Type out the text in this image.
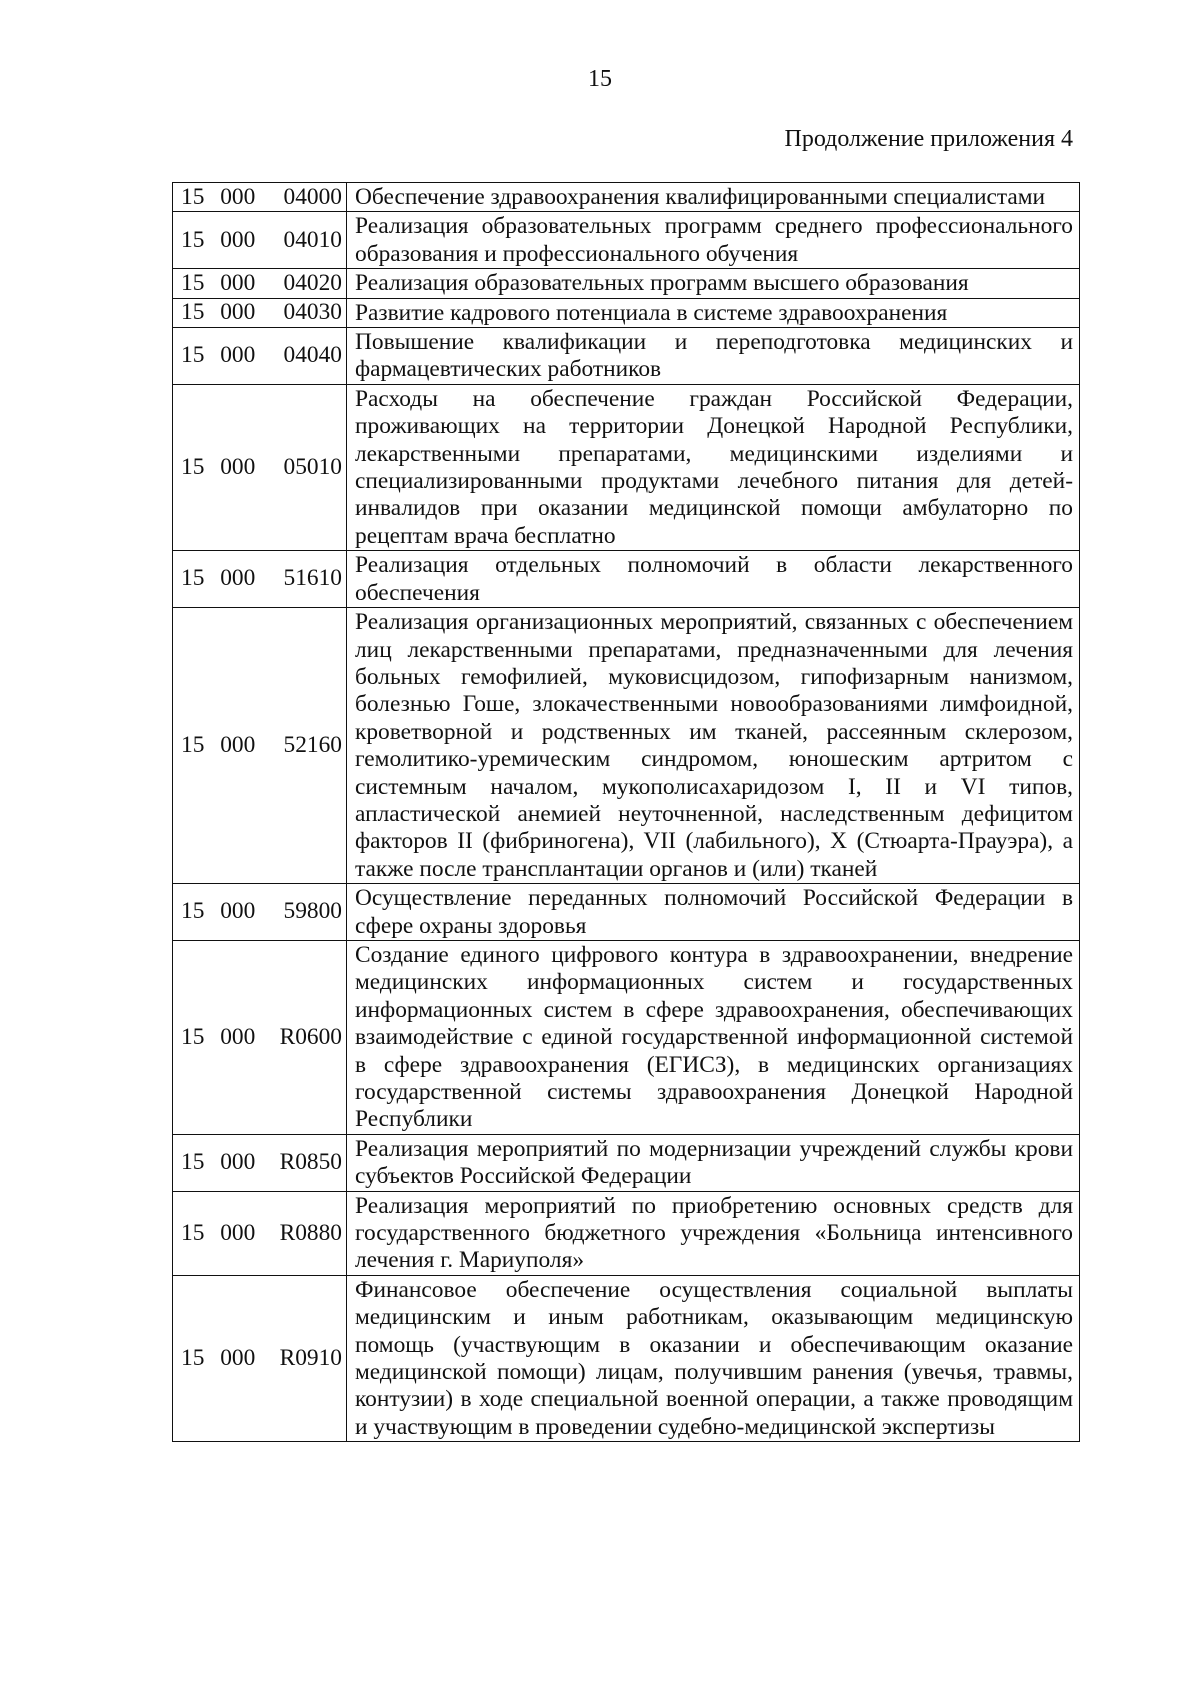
15
Продолжение приложения 4
15 000 04000	Обеспечение здравоохранения квалифицированными специалистами

15 000 04010	Реализация образовательных программ среднего профессионального образования и профессионального обучения

15 000 04020	Реализация образовательных программ высшего образования

15 000 04030	Развитие кадрового потенциала в системе здравоохранения

15 000 04040	Повышение квалификации и переподготовка медицинских и фармацевтических работников

15 000 05010	Расходы на обеспечение граждан Российской Федерации, проживающих на территории Донецкой Народной Республики, лекарственными препаратами, медицинскими изделиями и специализированными продуктами лечебного питания для детей-инвалидов при оказании медицинской помощи амбулаторно по рецептам врача бесплатно

15 000 51610	Реализация отдельных полномочий в области лекарственного обеспечения

15 000 52160	Реализация организационных мероприятий, связанных с обеспечением лиц лекарственными препаратами, предназначенными для лечения больных гемофилией, муковисцидозом, гипофизарным нанизмом, болезнью Гоше, злокачественными новообразованиями лимфоидной, кроветворной и родственных им тканей, рассеянным склерозом, гемолитико-уремическим синдромом, юношеским артритом с системным началом, мукополисахаридозом I, II и VI типов, апластической анемией неуточненной, наследственным дефицитом факторов II (фибриногена), VII (лабильного), X (Стюарта-Прауэра), а также после трансплантации органов и (или) тканей

15 000 59800	Осуществление переданных полномочий Российской Федерации в сфере охраны здоровья

15 000 R0600	Создание единого цифрового контура в здравоохранении, внедрение медицинских информационных систем и государственных информационных систем в сфере здравоохранения, обеспечивающих взаимодействие с единой государственной информационной системой в сфере здравоохранения (ЕГИСЗ), в медицинских организациях государственной системы здравоохранения Донецкой Народной Республики

15 000 R0850	Реализация мероприятий по модернизации учреждений службы крови субъектов Российской Федерации

15 000 R0880	Реализация мероприятий по приобретению основных средств для государственного бюджетного учреждения «Больница интенсивного лечения г. Мариуполя»

15 000 R0910	Финансовое обеспечение осуществления социальной выплаты медицинским и иным работникам, оказывающим медицинскую помощь (участвующим в оказании и обеспечивающим оказание медицинской помощи) лицам, получившим ранения (увечья, травмы, контузии) в ходе специальной военной операции, а также проводящим и участвующим в проведении судебно-медицинской экспертизы
